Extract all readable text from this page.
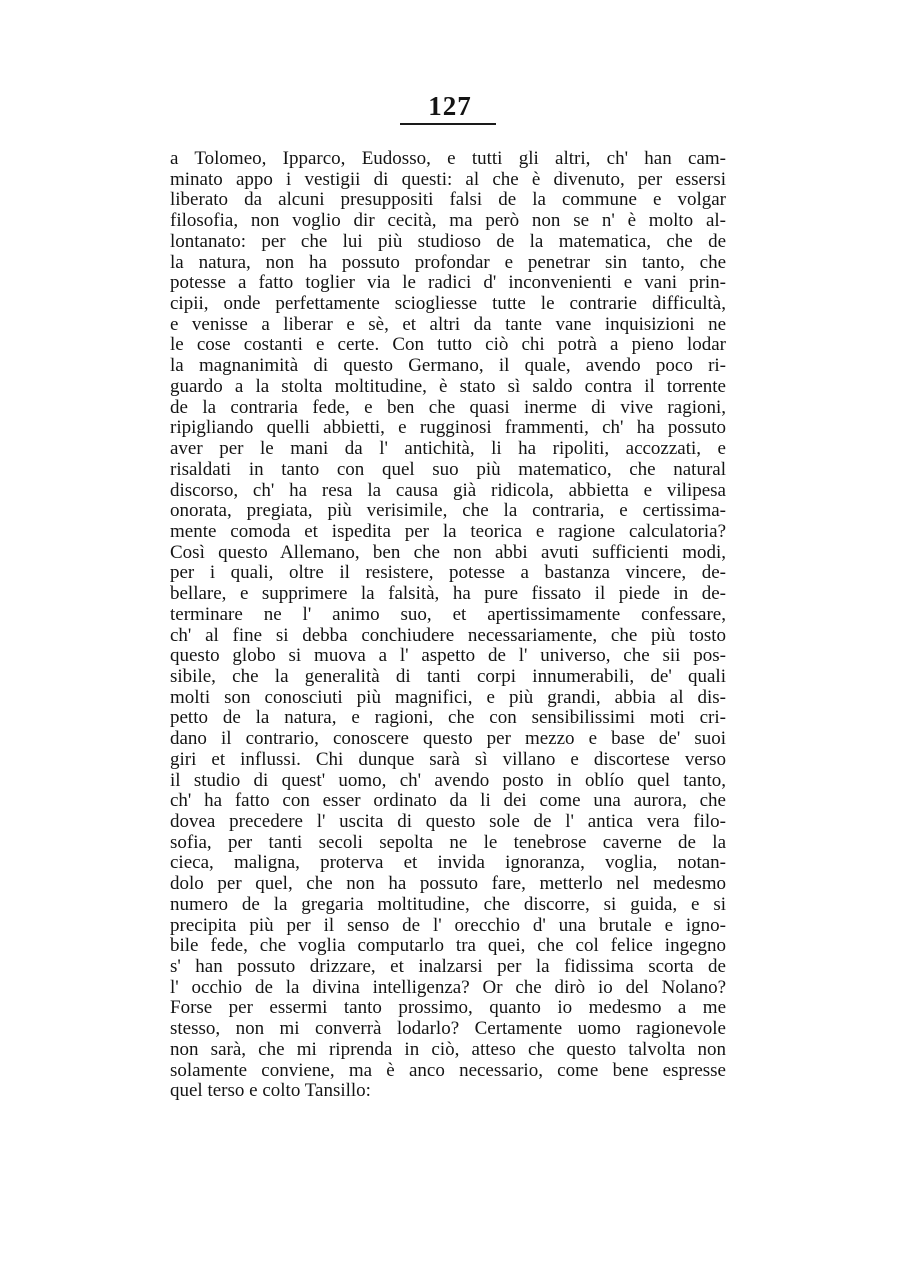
127
a Tolomeo, Ipparco, Eudosso, e tutti gli altri, ch' han cam-
minato appo i vestigii di questi: al che è divenuto, per essersi
liberato da alcuni presuppositi falsi de la commune e volgar
filosofia, non voglio dir cecità, ma però non se n' è molto al-
lontanato: per che lui più studioso de la matematica, che de
la natura, non ha possuto profondar e penetrar sin tanto, che
potesse a fatto toglier via le radici d' inconvenienti e vani prin-
cipii, onde perfettamente sciogliesse tutte le contrarie difficultà,
e venisse a liberar e sè, et altri da tante vane inquisizioni ne
le cose costanti e certe. Con tutto ciò chi potrà a pieno lodar
la magnanimità di questo Germano, il quale, avendo poco ri-
guardo a la stolta moltitudine, è stato sì saldo contra il torrente
de la contraria fede, e ben che quasi inerme di vive ragioni,
ripigliando quelli abbietti, e rugginosi frammenti, ch' ha possuto
aver per le mani da l' antichità, li ha ripoliti, accozzati, e
risaldati in tanto con quel suo più matematico, che natural
discorso, ch' ha resa la causa già ridicola, abbietta e vilipesa
onorata, pregiata, più verisimile, che la contraria, e certissima-
mente comoda et ispedita per la teorica e ragione calculatoria?
Così questo Allemano, ben che non abbi avuti sufficienti modi,
per i quali, oltre il resistere, potesse a bastanza vincere, de-
bellare, e supprimere la falsità, ha pure fissato il piede in de-
terminare ne l' animo suo, et apertissimamente confessare,
ch' al fine si debba conchiudere necessariamente, che più tosto
questo globo si muova a l' aspetto de l' universo, che sii pos-
sibile, che la generalità di tanti corpi innumerabili, de' quali
molti son conosciuti più magnifici, e più grandi, abbia al dis-
petto de la natura, e ragioni, che con sensibilissimi moti cri-
dano il contrario, conoscere questo per mezzo e base de' suoi
giri et influssi. Chi dunque sarà sì villano e discortese verso
il studio di quest' uomo, ch' avendo posto in oblío quel tanto,
ch' ha fatto con esser ordinato da li dei come una aurora, che
dovea precedere l' uscita di questo sole de l' antica vera filo-
sofia, per tanti secoli sepolta ne le tenebrose caverne de la
cieca, maligna, proterva et invida ignoranza, voglia, notan-
dolo per quel, che non ha possuto fare, metterlo nel medesmo
numero de la gregaria moltitudine, che discorre, si guida, e si
precipita più per il senso de l' orecchio d' una brutale e igno-
bile fede, che voglia computarlo tra quei, che col felice ingegno
s' han possuto drizzare, et inalzarsi per la fidissima scorta de
l' occhio de la divina intelligenza? Or che dirò io del Nolano?
Forse per essermi tanto prossimo, quanto io medesmo a me
stesso, non mi converrà lodarlo? Certamente uomo ragionevole
non sarà, che mi riprenda in ciò, atteso che questo talvolta non
solamente conviene, ma è anco necessario, come bene espresse
quel terso e colto Tansillo:
